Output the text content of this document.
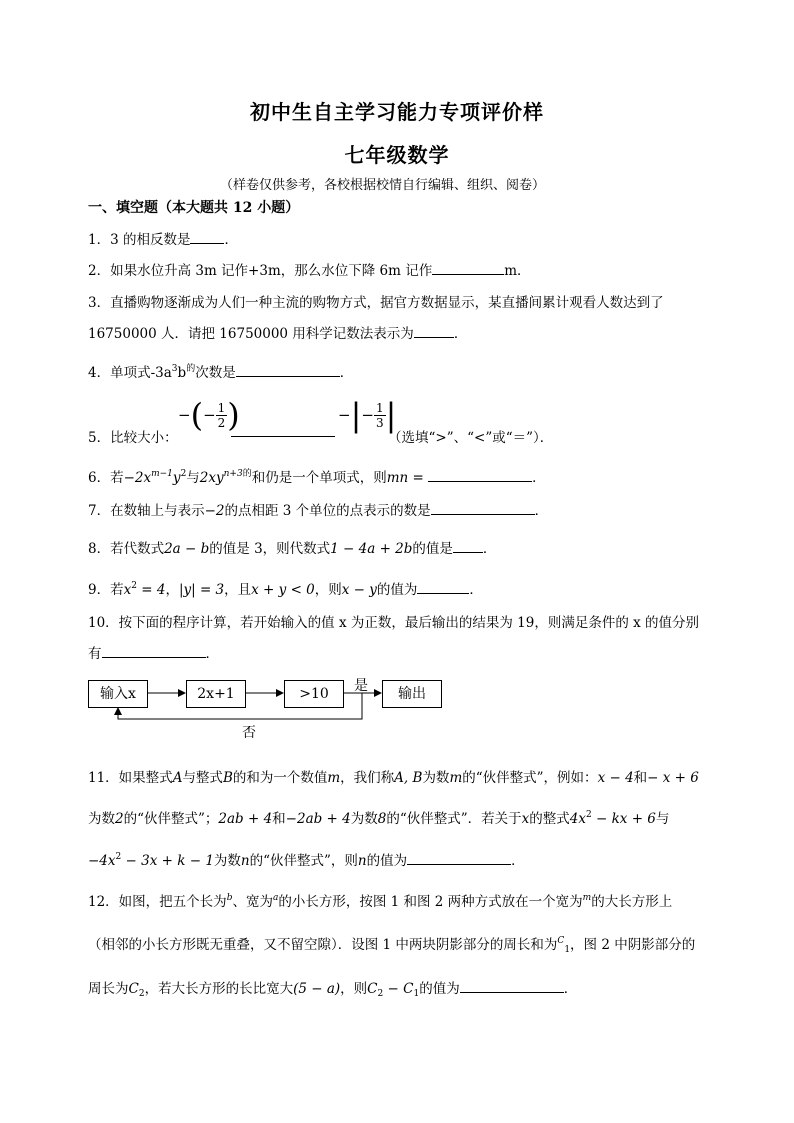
初中生自主学习能力专项评价样
七年级数学
（样卷仅供参考，各校根据校情自行编辑、组织、阅卷）
一、填空题（本大题共 12 小题）
1．3 的相反数是	．
2．如果水位升高 3m 记作+3m，那么水位下降 6m 记作	m．
3．直播购物逐渐成为人们一种主流的购物方式，据官方数据显示，某直播间累计观看人数达到了
16750000 人．请把 16750000 用科学记数法表示为	．
4．单项式$-3a^3b^的$次数是	．
5．比较大小：
−(− $\frac{1}{2}$ )	−|− $\frac{1}{3}$ |
（选填“>”、“<”或“＝”）．
6．若$-2x^{m-1}y^2$与$2xy^{n+3的}$和仍是一个单项式，则mn =	．
7．在数轴上与表示−2的点相距 3 个单位的点表示的数是	．
8．若代数式2a − b的值是 3，则代数式1 − 4a + 2b的值是 ．
9．若$x^2 = 4$，|y| = 3，且x + y < 0，则x − y的值为	．
10．按下面的程序计算，若开始输入的值 x 为正数，最后输出的结果为 19，则满足条件的 x 的值分别
有	．
输入x	2x+1	>10	输出
是
否
11．如果整式A与整式B的和为一个数值m，我们称A, B为数m的“伙伴整式”，例如：x − 4和− x + 6
为数2的“伙伴整式”；2ab + 4和−2ab + 4为数8的“伙伴整式”．若关于x的整式$4x^2$ − kx + 6与
$-4x^2 - 3x + k - 1$为数n的“伙伴整式”，则n的值为	．
12．如图，把五个长为$^b$、宽为$^a$的小长方形，按图 1 和图 2 两种方式放在一个宽为$^m$的大长方形上
（相邻的小长方形既无重叠，又不留空隙）．设图 1 中两块阴影部分的周长和为$^C_1$，图 2 中阴影部分的
周长为$C_2$，若大长方形的长比宽大(5 − a)，则$C_2 - C_1$的值为	．
